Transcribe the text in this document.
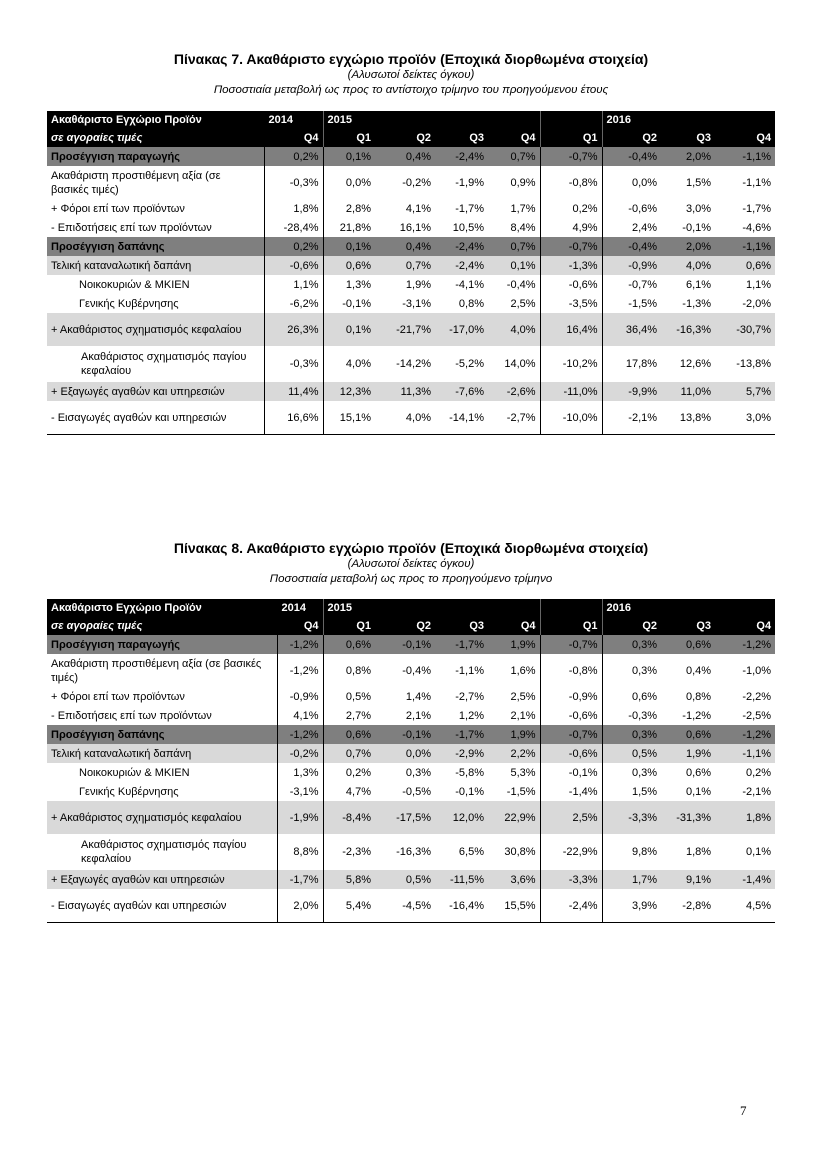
Πίνακας 7. Ακαθάριστο εγχώριο προϊόν (Εποχικά διορθωμένα στοιχεία)
(Αλυσωτοί δείκτες όγκου)
Ποσοστιαία μεταβολή ως προς το αντίστοιχο τρίμηνο του προηγούμενου έτους
Ακαθάριστο Εγχώριο Προϊόν	2014	2015					2016		
σε αγοραίες τιμές	Q4	Q1	Q2	Q3	Q4	Q1	Q2	Q3	Q4
Προσέγγιση παραγωγής	0,2%	0,1%	0,4%	-2,4%	0,7%	-0,7%	-0,4%	2,0%	-1,1%
Ακαθάριστη προστιθέμενη αξία (σε βασικές τιμές)	-0,3%	0,0%	-0,2%	-1,9%	0,9%	-0,8%	0,0%	1,5%	-1,1%
+ Φόροι επί των προϊόντων	1,8%	2,8%	4,1%	-1,7%	1,7%	0,2%	-0,6%	3,0%	-1,7%
- Επιδοτήσεις επί των προϊόντων	-28,4%	21,8%	16,1%	10,5%	8,4%	4,9%	2,4%	-0,1%	-4,6%
Προσέγγιση δαπάνης	0,2%	0,1%	0,4%	-2,4%	0,7%	-0,7%	-0,4%	2,0%	-1,1%
Τελική καταναλωτική δαπάνη	-0,6%	0,6%	0,7%	-2,4%	0,1%	-1,3%	-0,9%	4,0%	0,6%
Νοικοκυριών & ΜΚΙΕΝ	1,1%	1,3%	1,9%	-4,1%	-0,4%	-0,6%	-0,7%	6,1%	1,1%
Γενικής Κυβέρνησης	-6,2%	-0,1%	-3,1%	0,8%	2,5%	-3,5%	-1,5%	-1,3%	-2,0%
+ Ακαθάριστος σχηματισμός κεφαλαίου	26,3%	0,1%	-21,7%	-17,0%	4,0%	16,4%	36,4%	-16,3%	-30,7%
Ακαθάριστος σχηματισμός παγίου κεφαλαίου	-0,3%	4,0%	-14,2%	-5,2%	14,0%	-10,2%	17,8%	12,6%	-13,8%
+ Εξαγωγές αγαθών και υπηρεσιών	11,4%	12,3%	11,3%	-7,6%	-2,6%	-11,0%	-9,9%	11,0%	5,7%
- Εισαγωγές αγαθών και υπηρεσιών	16,6%	15,1%	4,0%	-14,1%	-2,7%	-10,0%	-2,1%	13,8%	3,0%
Πίνακας 8. Ακαθάριστο εγχώριο προϊόν (Εποχικά διορθωμένα στοιχεία)
(Αλυσωτοί δείκτες όγκου)
Ποσοστιαία μεταβολή ως προς το προηγούμενο τρίμηνο
Ακαθάριστο Εγχώριο Προϊόν	2014	2015					2016		
σε αγοραίες τιμές	Q4	Q1	Q2	Q3	Q4	Q1	Q2	Q3	Q4
Προσέγγιση παραγωγής	-1,2%	0,6%	-0,1%	-1,7%	1,9%	-0,7%	0,3%	0,6%	-1,2%
Ακαθάριστη προστιθέμενη αξία (σε βασικές τιμές)	-1,2%	0,8%	-0,4%	-1,1%	1,6%	-0,8%	0,3%	0,4%	-1,0%
+ Φόροι επί των προϊόντων	-0,9%	0,5%	1,4%	-2,7%	2,5%	-0,9%	0,6%	0,8%	-2,2%
- Επιδοτήσεις επί των προϊόντων	4,1%	2,7%	2,1%	1,2%	2,1%	-0,6%	-0,3%	-1,2%	-2,5%
Προσέγγιση δαπάνης	-1,2%	0,6%	-0,1%	-1,7%	1,9%	-0,7%	0,3%	0,6%	-1,2%
Τελική καταναλωτική δαπάνη	-0,2%	0,7%	0,0%	-2,9%	2,2%	-0,6%	0,5%	1,9%	-1,1%
Νοικοκυριών & ΜΚΙΕΝ	1,3%	0,2%	0,3%	-5,8%	5,3%	-0,1%	0,3%	0,6%	0,2%
Γενικής Κυβέρνησης	-3,1%	4,7%	-0,5%	-0,1%	-1,5%	-1,4%	1,5%	0,1%	-2,1%
+ Ακαθάριστος σχηματισμός κεφαλαίου	-1,9%	-8,4%	-17,5%	12,0%	22,9%	2,5%	-3,3%	-31,3%	1,8%
Ακαθάριστος σχηματισμός παγίου κεφαλαίου	8,8%	-2,3%	-16,3%	6,5%	30,8%	-22,9%	9,8%	1,8%	0,1%
+ Εξαγωγές αγαθών και υπηρεσιών	-1,7%	5,8%	0,5%	-11,5%	3,6%	-3,3%	1,7%	9,1%	-1,4%
- Εισαγωγές αγαθών και υπηρεσιών	2,0%	5,4%	-4,5%	-16,4%	15,5%	-2,4%	3,9%	-2,8%	4,5%
7
